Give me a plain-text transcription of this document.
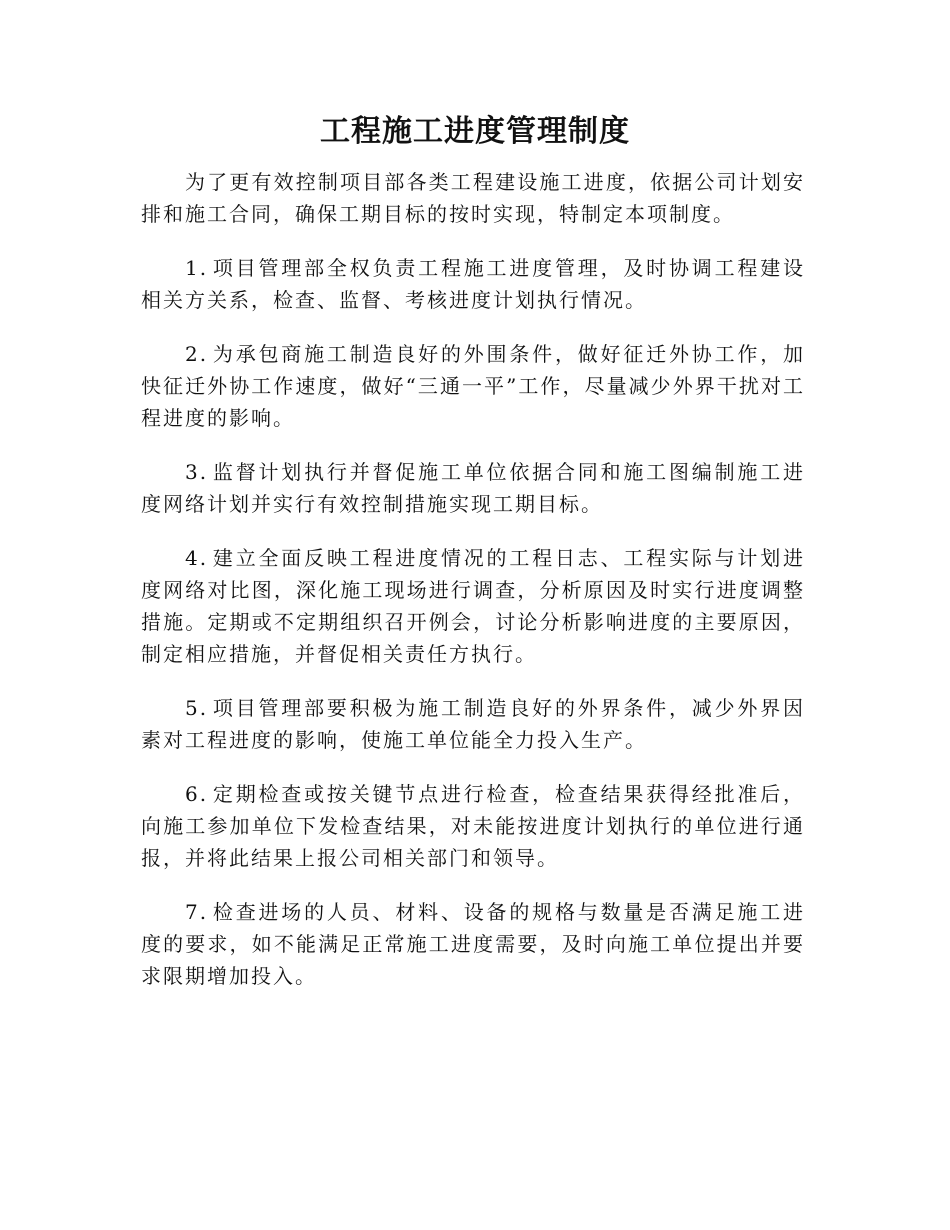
工程施工进度管理制度

为了更有效控制项目部各类工程建设施工进度，依据公司计划安排和施工合同，确保工期目标的按时实现，特制定本项制度。

1. 项目管理部全权负责工程施工进度管理，及时协调工程建设相关方关系，检查、监督、考核进度计划执行情况。

2. 为承包商施工制造良好的外围条件，做好征迁外协工作，加快征迁外协工作速度，做好“三通一平”工作，尽量减少外界干扰对工程进度的影响。

3. 监督计划执行并督促施工单位依据合同和施工图编制施工进度网络计划并实行有效控制措施实现工期目标。

4. 建立全面反映工程进度情况的工程日志、工程实际与计划进度网络对比图，深化施工现场进行调查，分析原因及时实行进度调整措施。定期或不定期组织召开例会，讨论分析影响进度的主要原因，制定相应措施，并督促相关责任方执行。

5. 项目管理部要积极为施工制造良好的外界条件，减少外界因素对工程进度的影响，使施工单位能全力投入生产。

6. 定期检查或按关键节点进行检查，检查结果获得经批准后，向施工参加单位下发检查结果，对未能按进度计划执行的单位进行通报，并将此结果上报公司相关部门和领导。

7. 检查进场的人员、材料、设备的规格与数量是否满足施工进度的要求，如不能满足正常施工进度需要，及时向施工单位提出并要求限期增加投入。
